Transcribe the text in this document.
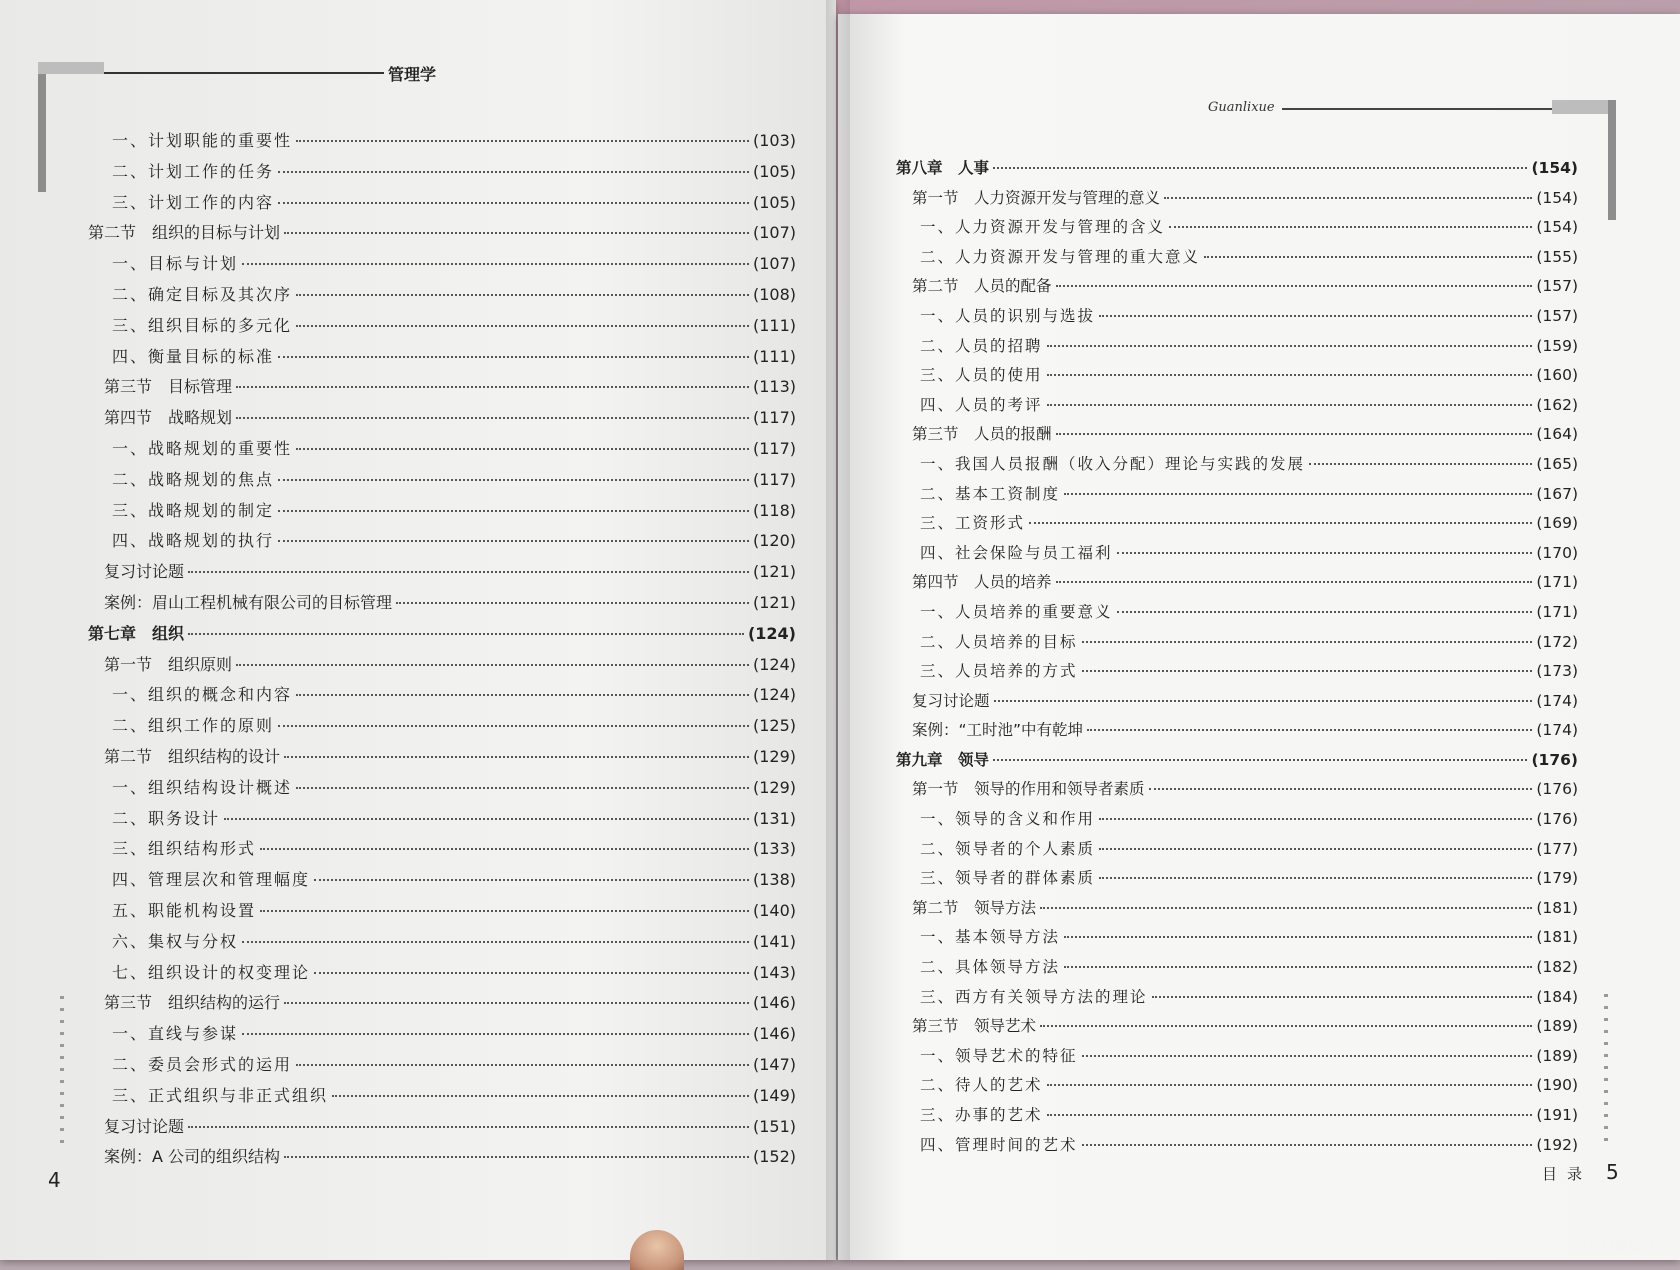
管理学
一、计划职能的重要性	(103)
二、计划工作的任务	(105)
三、计划工作的内容	(105)
第二节　组织的目标与计划	(107)
一、目标与计划	(107)
二、确定目标及其次序	(108)
三、组织目标的多元化	(111)
四、衡量目标的标准	(111)
第三节　目标管理	(113)
第四节　战略规划	(117)
一、战略规划的重要性	(117)
二、战略规划的焦点	(117)
三、战略规划的制定	(118)
四、战略规划的执行	(120)
复习讨论题	(121)
案例：眉山工程机械有限公司的目标管理	(121)
第七章　组织	(124)
第一节　组织原则	(124)
一、组织的概念和内容	(124)
二、组织工作的原则	(125)
第二节　组织结构的设计	(129)
一、组织结构设计概述	(129)
二、职务设计	(131)
三、组织结构形式	(133)
四、管理层次和管理幅度	(138)
五、职能机构设置	(140)
六、集权与分权	(141)
七、组织设计的权变理论	(143)
第三节　组织结构的运行	(146)
一、直线与参谋	(146)
二、委员会形式的运用	(147)
三、正式组织与非正式组织	(149)
复习讨论题	(151)
案例：A 公司的组织结构	(152)
4
Guanlixue
第八章　人事	(154)
第一节　人力资源开发与管理的意义	(154)
一、人力资源开发与管理的含义	(154)
二、人力资源开发与管理的重大意义	(155)
第二节　人员的配备	(157)
一、人员的识别与选拔	(157)
二、人员的招聘	(159)
三、人员的使用	(160)
四、人员的考评	(162)
第三节　人员的报酬	(164)
一、我国人员报酬（收入分配）理论与实践的发展	(165)
二、基本工资制度	(167)
三、工资形式	(169)
四、社会保险与员工福利	(170)
第四节　人员的培养	(171)
一、人员培养的重要意义	(171)
二、人员培养的目标	(172)
三、人员培养的方式	(173)
复习讨论题	(174)
案例：“工时池”中有乾坤	(174)
第九章　领导	(176)
第一节　领导的作用和领导者素质	(176)
一、领导的含义和作用	(176)
二、领导者的个人素质	(177)
三、领导者的群体素质	(179)
第二节　领导方法	(181)
一、基本领导方法	(181)
二、具体领导方法	(182)
三、西方有关领导方法的理论	(184)
第三节　领导艺术	(189)
一、领导艺术的特征	(189)
二、待人的艺术	(190)
三、办事的艺术	(191)
四、管理时间的艺术	(192)
目录 5
cruboy
